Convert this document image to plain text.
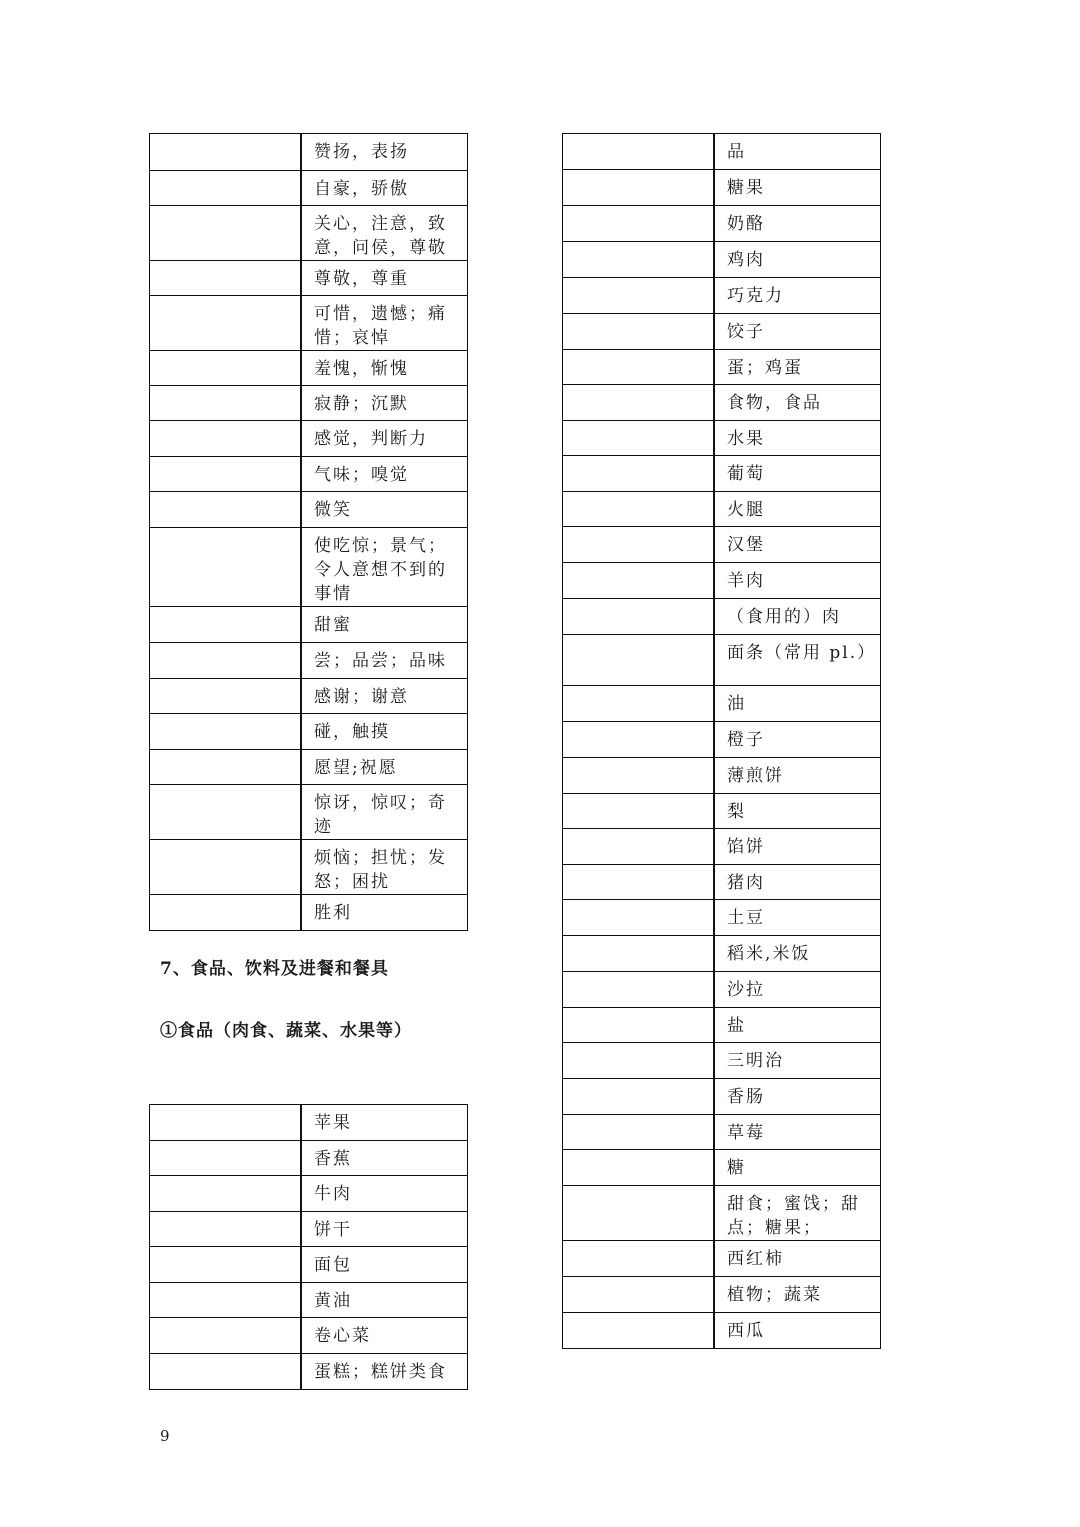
	赞扬，表扬
	自豪，骄傲
	关心，注意，致意，问侯，尊敬
	尊敬，尊重
	可惜，遗憾；痛惜；哀悼
	羞愧，惭愧
	寂静；沉默
	感觉，判断力
	气味；嗅觉
	微笑
	使吃惊；景气；令人意想不到的事情
	甜蜜
	尝；品尝；品味
	感谢；谢意
	碰，触摸
	愿望;祝愿
	惊讶，惊叹；奇迹
	烦恼；担忧；发怒；困扰
	胜利
7、食品、饮料及进餐和餐具
①食品（肉食、蔬菜、水果等）
	苹果
	香蕉
	牛肉
	饼干
	面包
	黄油
	卷心菜
	蛋糕；糕饼类食
	品
	糖果
	奶酪
	鸡肉
	巧克力
	饺子
	蛋；鸡蛋
	食物，食品
	水果
	葡萄
	火腿
	汉堡
	羊肉
	（食用的）肉
	面条（常用 pl.）
	油
	橙子
	薄煎饼
	梨
	馅饼
	猪肉
	土豆
	稻米,米饭
	沙拉
	盐
	三明治
	香肠
	草莓
	糖
	甜食；蜜饯；甜点；糖果；
	西红柿
	植物；蔬菜
	西瓜
9
